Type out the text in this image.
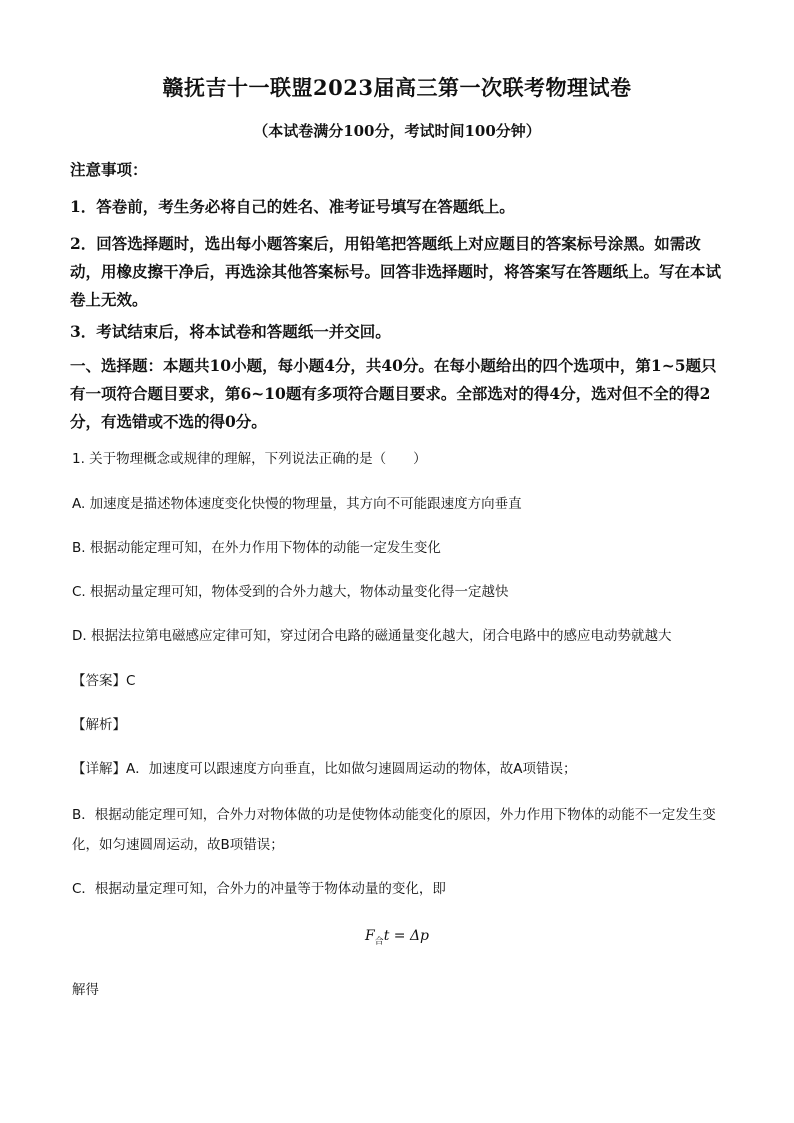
赣抚吉十一联盟2023届高三第一次联考物理试卷
（本试卷满分100分，考试时间100分钟）
注意事项：
1．答卷前，考生务必将自己的姓名、准考证号填写在答题纸上。
2．回答选择题时，选出每小题答案后，用铅笔把答题纸上对应题目的答案标号涂黑。如需改动，用橡皮擦干净后，再选涂其他答案标号。回答非选择题时，将答案写在答题纸上。写在本试卷上无效。
3．考试结束后，将本试卷和答题纸一并交回。
一、选择题：本题共10小题，每小题4分，共40分。在每小题给出的四个选项中，第1~5题只有一项符合题目要求，第6~10题有多项符合题目要求。全部选对的得4分，选对但不全的得2分，有选错或不选的得0分。
1. 关于物理概念或规律的理解，下列说法正确的是（　　）
A. 加速度是描述物体速度变化快慢的物理量，其方向不可能跟速度方向垂直
B. 根据动能定理可知，在外力作用下物体的动能一定发生变化
C. 根据动量定理可知，物体受到的合外力越大，物体动量变化得一定越快
D. 根据法拉第电磁感应定律可知，穿过闭合电路的磁通量变化越大，闭合电路中的感应电动势就越大
【答案】C
【解析】
【详解】A．加速度可以跟速度方向垂直，比如做匀速圆周运动的物体，故A项错误；
B．根据动能定理可知，合外力对物体做的功是使物体动能变化的原因，外力作用下物体的动能不一定发生变化，如匀速圆周运动，故B项错误；
C．根据动量定理可知，合外力的冲量等于物体动量的变化，即
$F_合t = \Delta p$
解得
